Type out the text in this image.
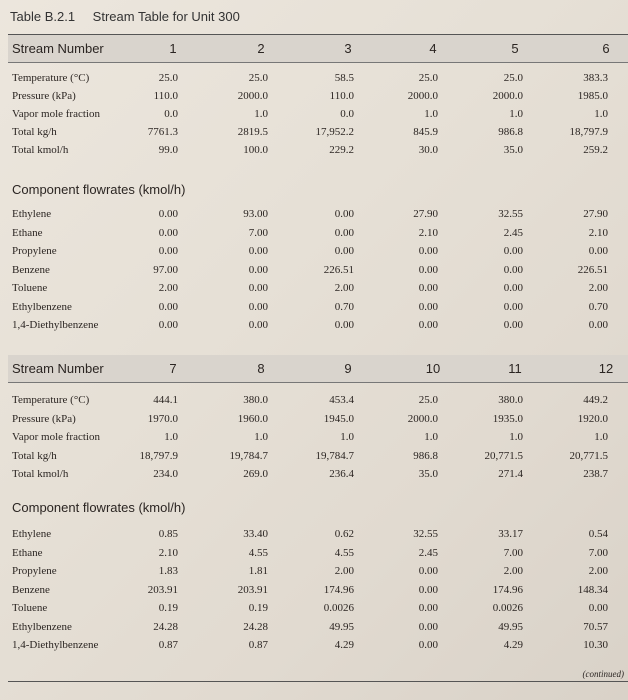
Table B.2.1 Stream Table for Unit 300
Stream Number	1	2	3	4	5	6
Temperature (°C)	25.0	25.0	58.5	25.0	25.0	383.3
Pressure (kPa)	110.0	2000.0	110.0	2000.0	2000.0	1985.0
Vapor mole fraction	0.0	1.0	0.0	1.0	1.0	1.0
Total kg/h	7761.3	2819.5	17,952.2	845.9	986.8	18,797.9
Total kmol/h	99.0	100.0	229.2	30.0	35.0	259.2
Component flowrates (kmol/h)
Ethylene	0.00	93.00	0.00	27.90	32.55	27.90
Ethane	0.00	7.00	0.00	2.10	2.45	2.10
Propylene	0.00	0.00	0.00	0.00	0.00	0.00
Benzene	97.00	0.00	226.51	0.00	0.00	226.51
Toluene	2.00	0.00	2.00	0.00	0.00	2.00
Ethylbenzene	0.00	0.00	0.70	0.00	0.00	0.70
1,4-Diethylbenzene	0.00	0.00	0.00	0.00	0.00	0.00
Stream Number	7	8	9	10	11	12
Temperature (°C)	444.1	380.0	453.4	25.0	380.0	449.2
Pressure (kPa)	1970.0	1960.0	1945.0	2000.0	1935.0	1920.0
Vapor mole fraction	1.0	1.0	1.0	1.0	1.0	1.0
Total kg/h	18,797.9	19,784.7	19,784.7	986.8	20,771.5	20,771.5
Total kmol/h	234.0	269.0	236.4	35.0	271.4	238.7
Component flowrates (kmol/h)
Ethylene	0.85	33.40	0.62	32.55	33.17	0.54
Ethane	2.10	4.55	4.55	2.45	7.00	7.00
Propylene	1.83	1.81	2.00	0.00	2.00	2.00
Benzene	203.91	203.91	174.96	0.00	174.96	148.34
Toluene	0.19	0.19	0.0026	0.00	0.0026	0.00
Ethylbenzene	24.28	24.28	49.95	0.00	49.95	70.57
1,4-Diethylbenzene	0.87	0.87	4.29	0.00	4.29	10.30
(continued)
